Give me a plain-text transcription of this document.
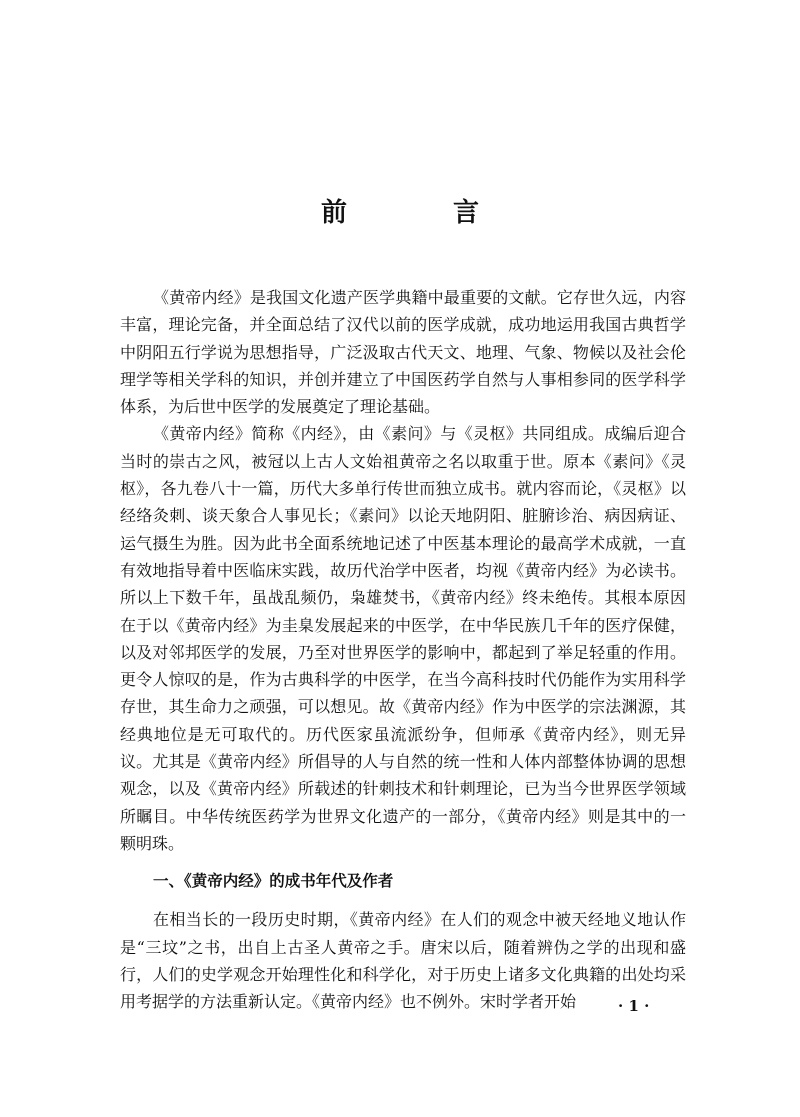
前　言

《黄帝内经》是我国文化遗产医学典籍中最重要的文献。它存世久远，内容丰富，理论完备，并全面总结了汉代以前的医学成就，成功地运用我国古典哲学中阴阳五行学说为思想指导，广泛汲取古代天文、地理、气象、物候以及社会伦理学等相关学科的知识，并创并建立了中国医药学自然与人事相参同的医学科学体系，为后世中医学的发展奠定了理论基础。

《黄帝内经》简称《内经》，由《素问》与《灵枢》共同组成。成编后迎合当时的崇古之风，被冠以上古人文始祖黄帝之名以取重于世。原本《素问》《灵枢》，各九卷八十一篇，历代大多单行传世而独立成书。就内容而论，《灵枢》以经络灸刺、谈天象合人事见长；《素问》以论天地阴阳、脏腑诊治、病因病证、运气摄生为胜。因为此书全面系统地记述了中医基本理论的最高学术成就，一直有效地指导着中医临床实践，故历代治学中医者，均视《黄帝内经》为必读书。所以上下数千年，虽战乱频仍，枭雄焚书，《黄帝内经》终未绝传。其根本原因在于以《黄帝内经》为圭臬发展起来的中医学，在中华民族几千年的医疗保健，以及对邻邦医学的发展，乃至对世界医学的影响中，都起到了举足轻重的作用。更令人惊叹的是，作为古典科学的中医学，在当今高科技时代仍能作为实用科学存世，其生命力之顽强，可以想见。故《黄帝内经》作为中医学的宗法渊源，其经典地位是无可取代的。历代医家虽流派纷争，但师承《黄帝内经》，则无异议。尤其是《黄帝内经》所倡导的人与自然的统一性和人体内部整体协调的思想观念，以及《黄帝内经》所载述的针刺技术和针刺理论，已为当今世界医学领域所瞩目。中华传统医药学为世界文化遗产的一部分，《黄帝内经》则是其中的一颗明珠。

一、《黄帝内经》的成书年代及作者

在相当长的一段历史时期，《黄帝内经》在人们的观念中被天经地义地认作是“三坟”之书，出自上古圣人黄帝之手。唐宋以后，随着辨伪之学的出现和盛行，人们的史学观念开始理性化和科学化，对于历史上诸多文化典籍的出处均采用考据学的方法重新认定。《黄帝内经》也不例外。宋时学者开始	· 1 ·
